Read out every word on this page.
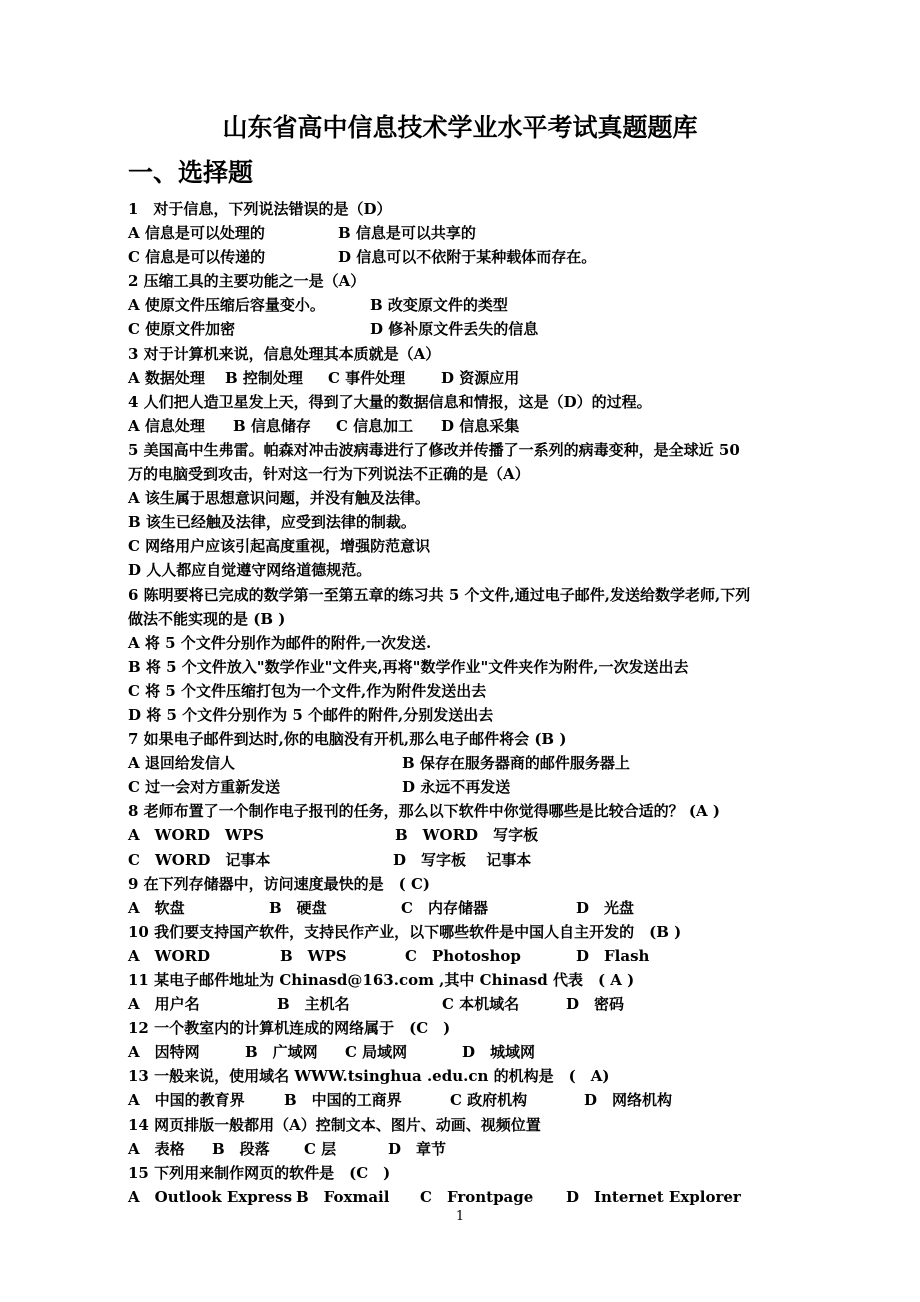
山东省高中信息技术学业水平考试真题题库
一、选择题
1　对于信息，下列说法错误的是（D）
A 信息是可以处理的	B 信息是可以共享的
C 信息是可以传递的	D 信息可以不依附于某种载体而存在。
2 压缩工具的主要功能之一是（A）
A 使原文件压缩后容量变小。	B 改变原文件的类型
C 使原文件加密	D 修补原文件丢失的信息
3 对于计算机来说，信息处理其本质就是（A）
A 数据处理 B 控制处理 C 事件处理 D 资源应用
4 人们把人造卫星发上天，得到了大量的数据信息和情报，这是（D）的过程。
A 信息处理 B 信息储存 C 信息加工 D 信息采集
5 美国高中生弗雷。帕森对冲击波病毒进行了修改并传播了一系列的病毒变种，是全球近 50
万的电脑受到攻击，针对这一行为下列说法不正确的是（A）
A 该生属于思想意识问题，并没有触及法律。
B 该生已经触及法律，应受到法律的制裁。
C 网络用户应该引起高度重视，增强防范意识
D 人人都应自觉遵守网络道德规范。
6 陈明要将已完成的数学第一至第五章的练习共 5 个文件,通过电子邮件,发送给数学老师,下列
做法不能实现的是 (B )
A 将 5 个文件分别作为邮件的附件,一次发送.
B 将 5 个文件放入"数学作业"文件夹,再将"数学作业"文件夹作为附件,一次发送出去
C 将 5 个文件压缩打包为一个文件,作为附件发送出去
D 将 5 个文件分别作为 5 个邮件的附件,分别发送出去
7 如果电子邮件到达时,你的电脑没有开机,那么电子邮件将会 (B )
A 退回给发信人	B 保存在服务器商的邮件服务器上
C 过一会对方重新发送	D 永远不再发送
8 老师布置了一个制作电子报刊的任务，那么以下软件中你觉得哪些是比较合适的？ (A )
A　WORD　WPS	B　WORD　写字板
C　WORD　记事本	D　写字板　 记事本
9 在下列存储器中，访问速度最快的是　( C)
A　软盘	B　硬盘	C　内存储器	D　光盘
10 我们要支持国产软件，支持民作产业，以下哪些软件是中国人自主开发的　(B )
A　WORD	B　WPS	C　Photoshop	D　Flash
11 某电子邮件地址为 Chinasd@163.com ,其中 Chinasd 代表　( A )
A　用户名	B　主机名	C 本机域名	D　密码
12 一个教室内的计算机连成的网络属于　(C　)
A　因特网	B　广域网 C 局域网	D　城域网
13 一般来说，使用域名 WWW.tsinghua .edu.cn 的机构是　(　A)
A　中国的教育界	B　中国的工商界	C 政府机构	D　网络机构
14 网页排版一般都用（A）控制文本、图片、动画、视频位置
A　表格 B　段落 C 层	D　章节
15 下列用来制作网页的软件是　(C　)
A　Outlook Express B　Foxmail C　Frontpage D　Internet Explorer
1
